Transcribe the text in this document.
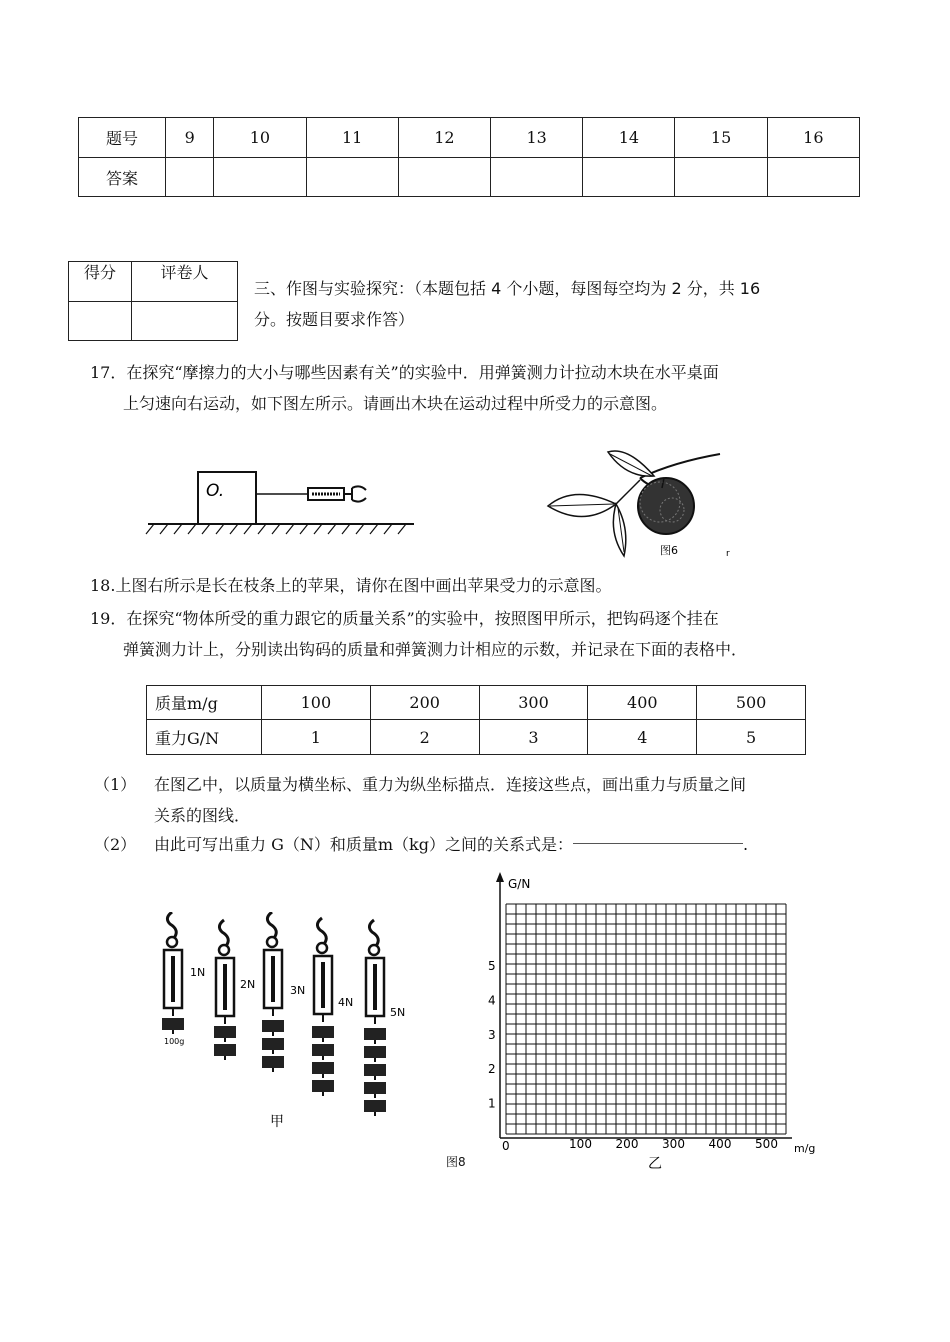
题号	9	10	11	12	13	14	15	16
答案								
得分	评卷人

三、作图与实验探究：（本题包括 4 个小题，每图每空均为 2 分，共 16
分。按题目要求作答）
17．在探究“摩擦力的大小与哪些因素有关”的实验中．用弹簧测力计拉动木块在水平桌面
上匀速向右运动，如下图左所示。请画出木块在运动过程中所受力的示意图。
O.
图6	r
18.上图右所示是长在枝条上的苹果，请你在图中画出苹果受力的示意图。
19．在探究“物体所受的重力跟它的质量关系”的实验中，按照图甲所示，把钩码逐个挂在
弹簧测力计上，分别读出钩码的质量和弹簧测力计相应的示数，并记录在下面的表格中．
质量m/g	100	200	300	400	500
重力G/N	1	2	3	4	5
（1）	在图乙中，以质量为横坐标、重力为纵坐标描点．连接这些点，画出重力与质量之间
关系的图线．
（2）	由此可写出重力 G（N）和质量m（kg）之间的关系式是：	.
1N
2N	3N
4N
5N
100g
甲
图8
G/N
m/g
0
1
2
3
4
5
100 200 300 400 500
乙
